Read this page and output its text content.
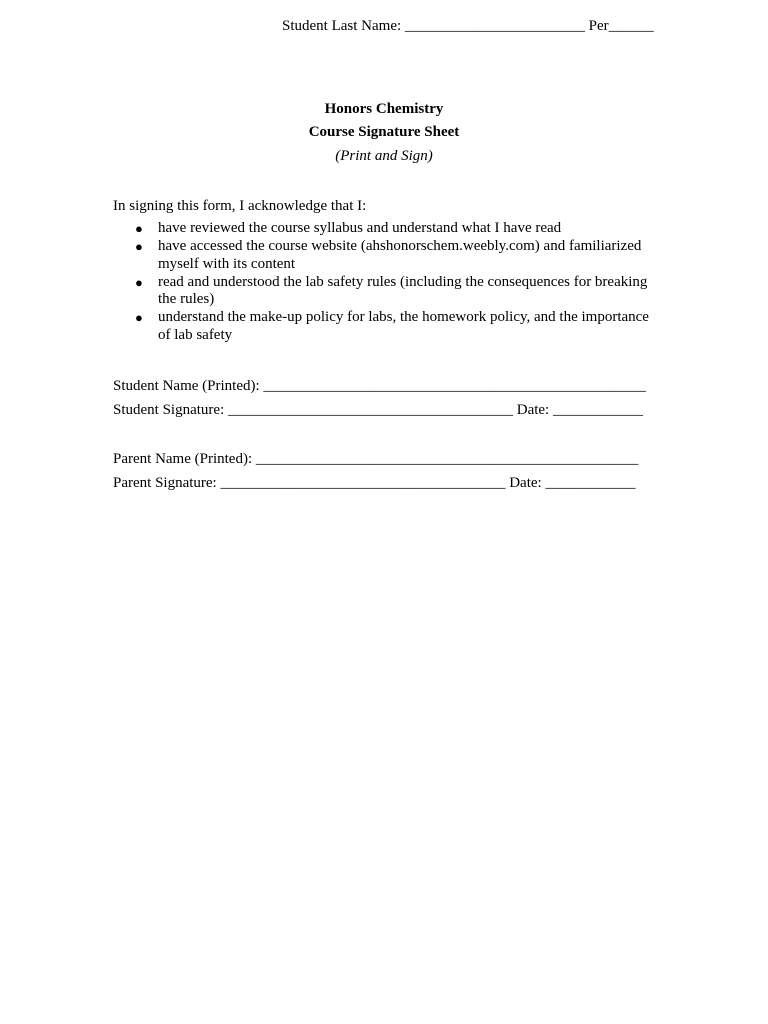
Student Last Name: ________________________ Per______
Honors Chemistry
Course Signature Sheet
(Print and Sign)
In signing this form, I acknowledge that I:
● have reviewed the course syllabus and understand what I have read
● have accessed the course website (ahshonorschem.weebly.com) and familiarized myself with its content
● read and understood the lab safety rules (including the consequences for breaking the rules)
● understand the make-up policy for labs, the homework policy, and the importance of lab safety
Student Name (Printed): ___________________________________________________
Student Signature: ______________________________________ Date: ____________
Parent Name (Printed): ___________________________________________________
Parent Signature: ______________________________________ Date: ____________
